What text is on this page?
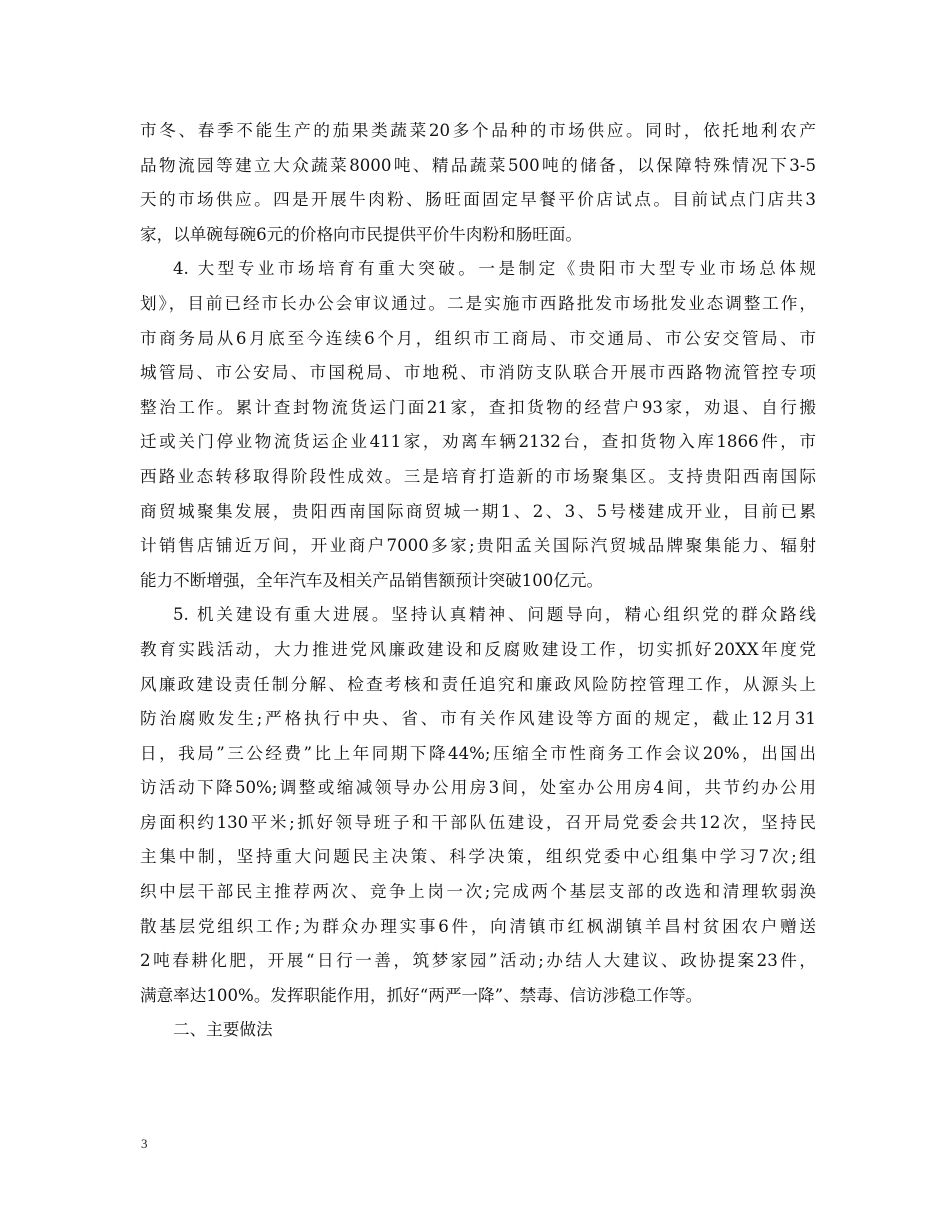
市冬、春季不能生产的茄果类蔬菜20多个品种的市场供应。同时，依托地利农产
品物流园等建立大众蔬菜8000吨、精品蔬菜500吨的储备，以保障特殊情况下3-5
天的市场供应。四是开展牛肉粉、肠旺面固定早餐平价店试点。目前试点门店共3
家，以单碗每碗6元的价格向市民提供平价牛肉粉和肠旺面。
4. 大型专业市场培育有重大突破。一是制定《贵阳市大型专业市场总体规
划》，目前已经市长办公会审议通过。二是实施市西路批发市场批发业态调整工作，
市商务局从6月底至今连续6个月，组织市工商局、市交通局、市公安交管局、市
城管局、市公安局、市国税局、市地税、市消防支队联合开展市西路物流管控专项
整治工作。累计查封物流货运门面21家，查扣货物的经营户93家，劝退、自行搬
迁或关门停业物流货运企业411家，劝离车辆2132台，查扣货物入库1866件，市
西路业态转移取得阶段性成效。三是培育打造新的市场聚集区。支持贵阳西南国际
商贸城聚集发展，贵阳西南国际商贸城一期1、2、3、5号楼建成开业，目前已累
计销售店铺近万间，开业商户7000多家;贵阳孟关国际汽贸城品牌聚集能力、辐射
能力不断增强，全年汽车及相关产品销售额预计突破100亿元。
5. 机关建设有重大进展。坚持认真精神、问题导向，精心组织党的群众路线
教育实践活动，大力推进党风廉政建设和反腐败建设工作，切实抓好20XX年度党
风廉政建设责任制分解、检查考核和责任追究和廉政风险防控管理工作，从源头上
防治腐败发生;严格执行中央、省、市有关作风建设等方面的规定，截止12月31
日，我局”三公经费”比上年同期下降44%;压缩全市性商务工作会议20%，出国出
访活动下降50%;调整或缩减领导办公用房3间，处室办公用房4间，共节约办公用
房面积约130平米;抓好领导班子和干部队伍建设，召开局党委会共12次，坚持民
主集中制，坚持重大问题民主决策、科学决策，组织党委中心组集中学习7次;组
织中层干部民主推荐两次、竞争上岗一次;完成两个基层支部的改选和清理软弱涣
散基层党组织工作;为群众办理实事6件，向清镇市红枫湖镇羊昌村贫困农户赠送
2吨春耕化肥，开展“日行一善，筑梦家园”活动;办结人大建议、政协提案23件，
满意率达100%。发挥职能作用，抓好“两严一降”、禁毒、信访涉稳工作等。
二、主要做法
3
